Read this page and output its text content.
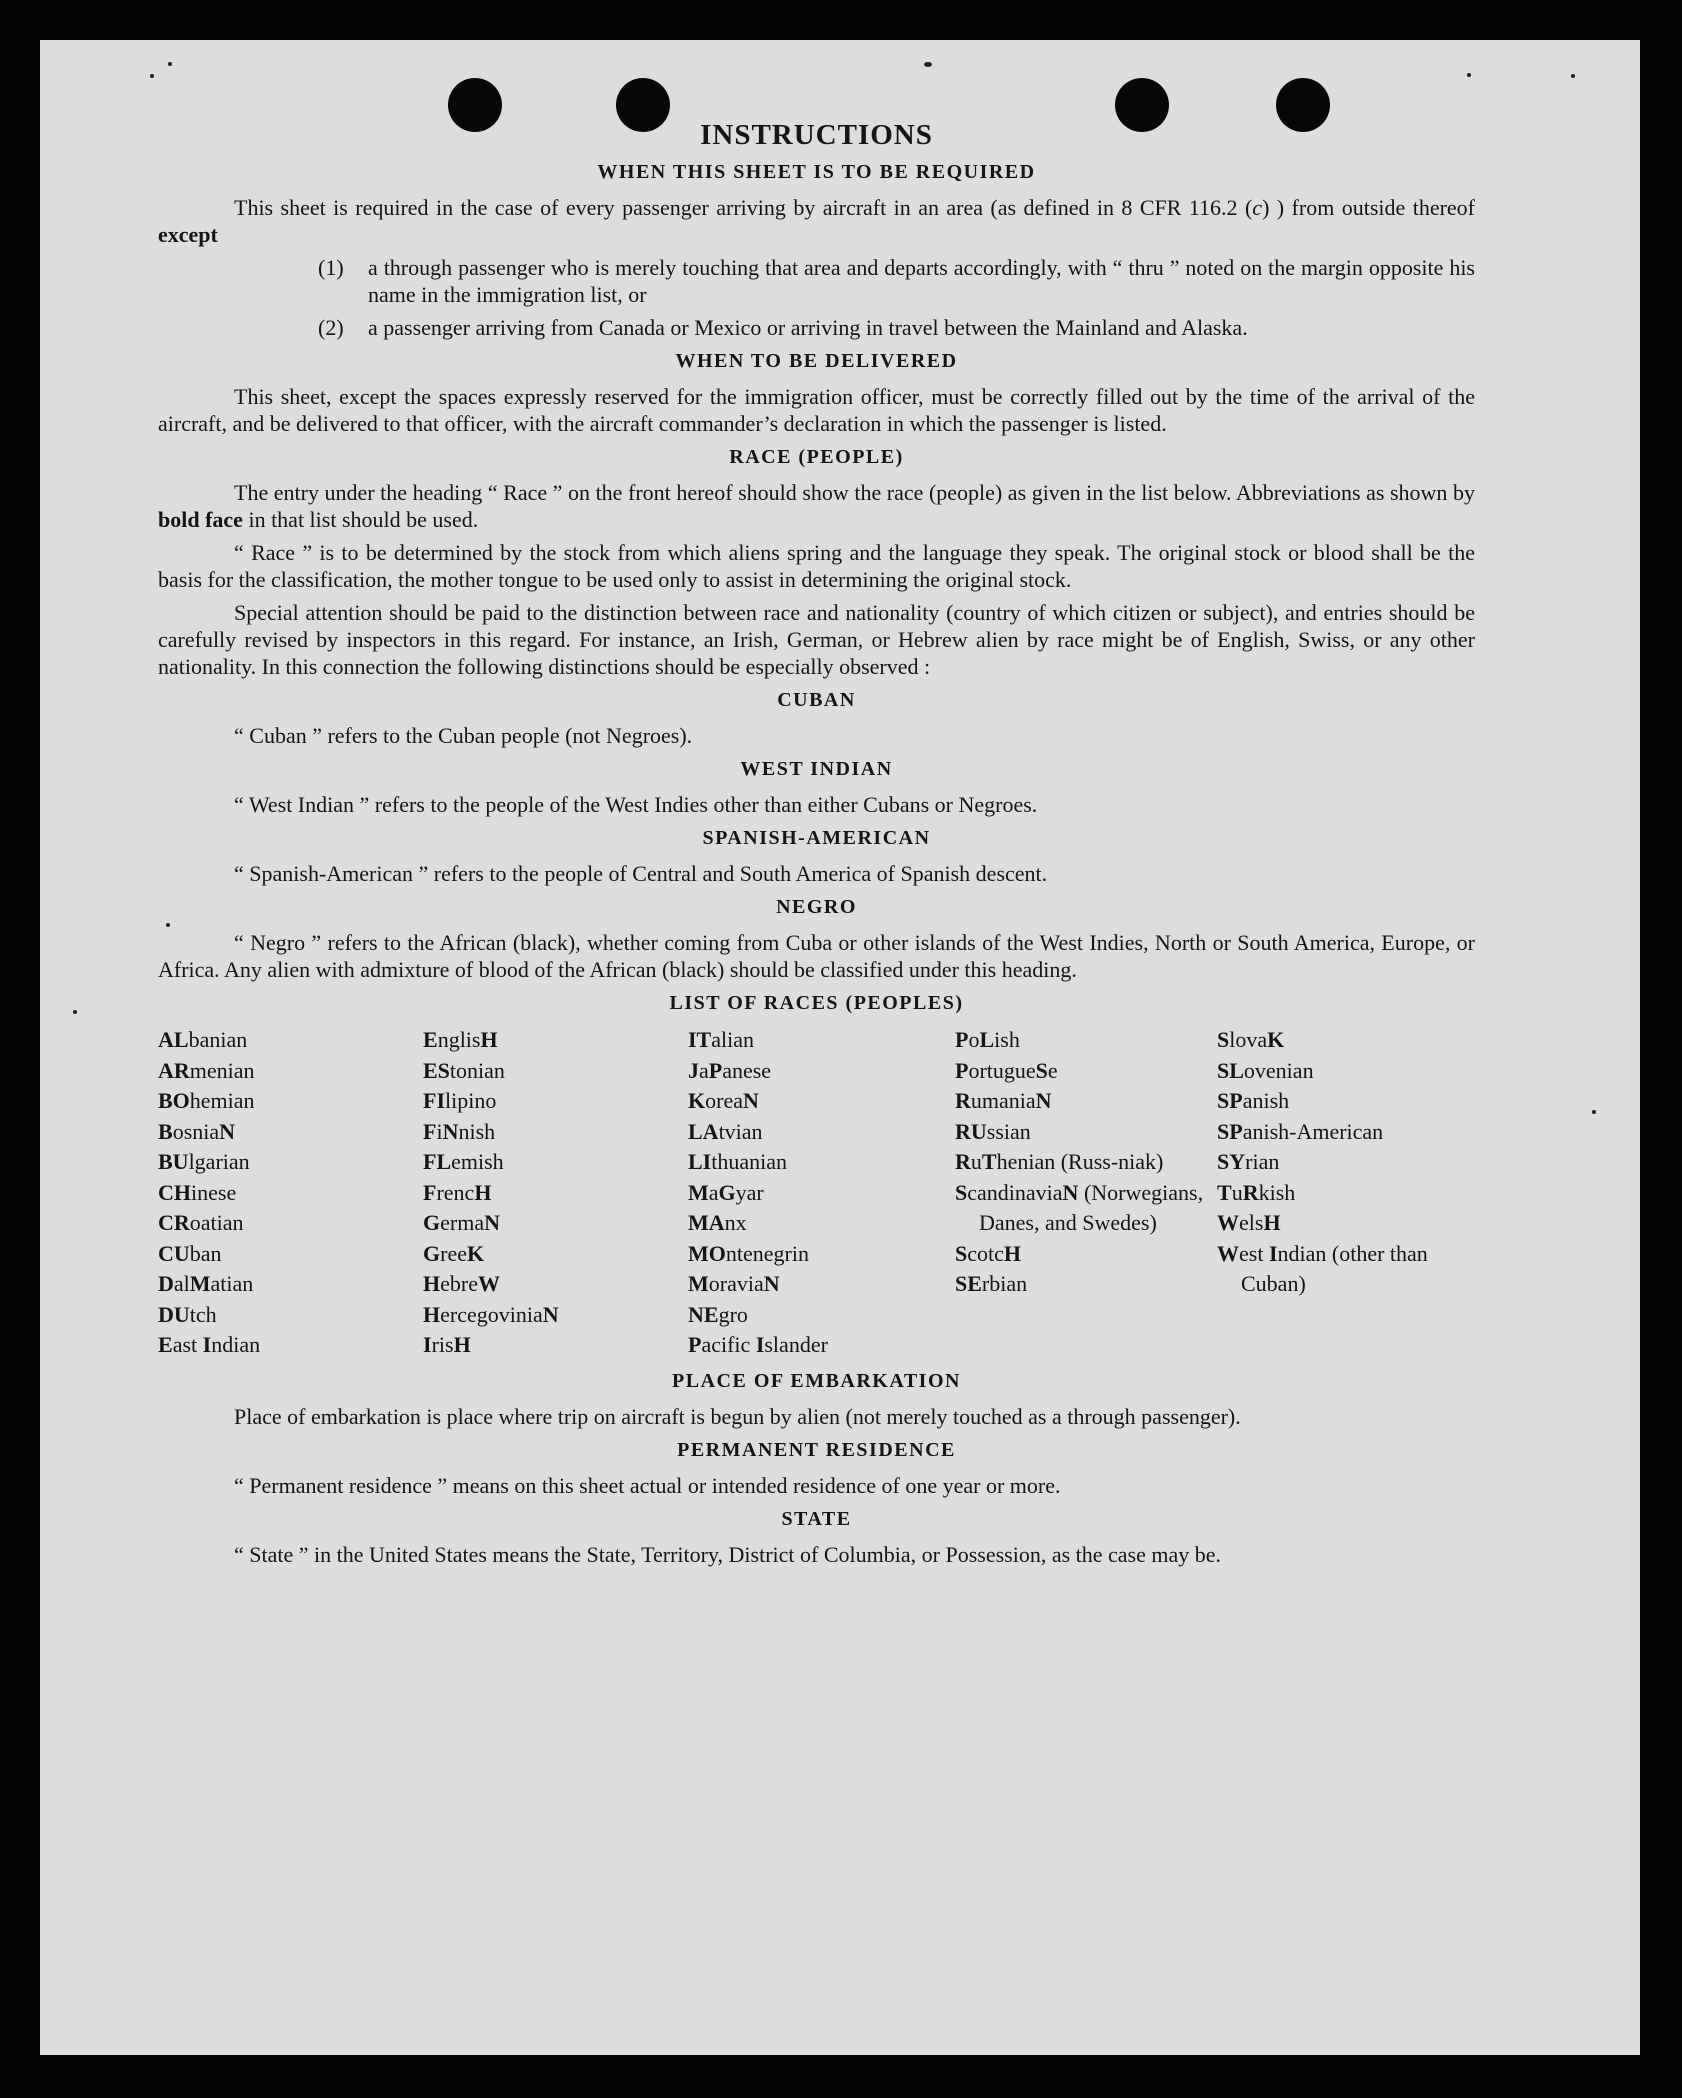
INSTRUCTIONS
WHEN THIS SHEET IS TO BE REQUIRED

This sheet is required in the case of every passenger arriving by aircraft in an area (as defined in 8 CFR 116.2 (c) ) from outside thereof except

(1) a through passenger who is merely touching that area and departs accordingly, with “ thru ” noted on the margin opposite his name in the immigration list, or
(2) a passenger arriving from Canada or Mexico or arriving in travel between the Mainland and Alaska.
WHEN TO BE DELIVERED

This sheet, except the spaces expressly reserved for the immigration officer, must be correctly filled out by the time of the arrival of the aircraft, and be delivered to that officer, with the aircraft commander’s declaration in which the passenger is listed.

RACE (PEOPLE)

The entry under the heading “ Race ” on the front hereof should show the race (people) as given in the list below. Abbreviations as shown by bold face in that list should be used.

“ Race ” is to be determined by the stock from which aliens spring and the language they speak. The original stock or blood shall be the basis for the classification, the mother tongue to be used only to assist in determining the original stock.

Special attention should be paid to the distinction between race and nationality (country of which citizen or subject), and entries should be carefully revised by inspectors in this regard. For instance, an Irish, German, or Hebrew alien by race might be of English, Swiss, or any other nationality. In this connection the following distinctions should be especially observed :

CUBAN

“ Cuban ” refers to the Cuban people (not Negroes).

WEST INDIAN

“ West Indian ” refers to the people of the West Indies other than either Cubans or Negroes.

SPANISH-AMERICAN

“ Spanish-American ” refers to the people of Central and South America of Spanish descent.

NEGRO

“ Negro ” refers to the African (black), whether coming from Cuba or other islands of the West Indies, North or South America, Europe, or Africa. Any alien with admixture of blood of the African (black) should be classified under this heading.

LIST OF RACES (PEOPLES)
ALbanian
ARmenian
BOhemian
BosniaN
BUlgarian
CHinese
CRoatian
CUban
DalMatian
DUtch
East Indian
EnglisH
EStonian
FIlipino
FiNnish
FLemish
FrencH
GermaN
GreeK
HebreW
HercegoviniaN
IrisH
ITalian
JaPanese
KoreaN
LAtvian
LIthuanian
MaGyar
MAnx
MOntenegrin
MoraviaN
NEgro
Pacific Islander
PoLish
PortugueSe
RumaniaN
RUssian
RuThenian (Russ-niak)
ScandinaviaN (Norwegians, Danes, and Swedes)
ScotcH
SErbian
SlovaK
SLovenian
SPanish
SPanish-American
SYrian
TuRkish
WelsH
West Indian (other than Cuban)
PLACE OF EMBARKATION

Place of embarkation is place where trip on aircraft is begun by alien (not merely touched as a through passenger).

PERMANENT RESIDENCE

“ Permanent residence ” means on this sheet actual or intended residence of one year or more.

STATE

“ State ” in the United States means the State, Territory, District of Columbia, or Possession, as the case may be.
